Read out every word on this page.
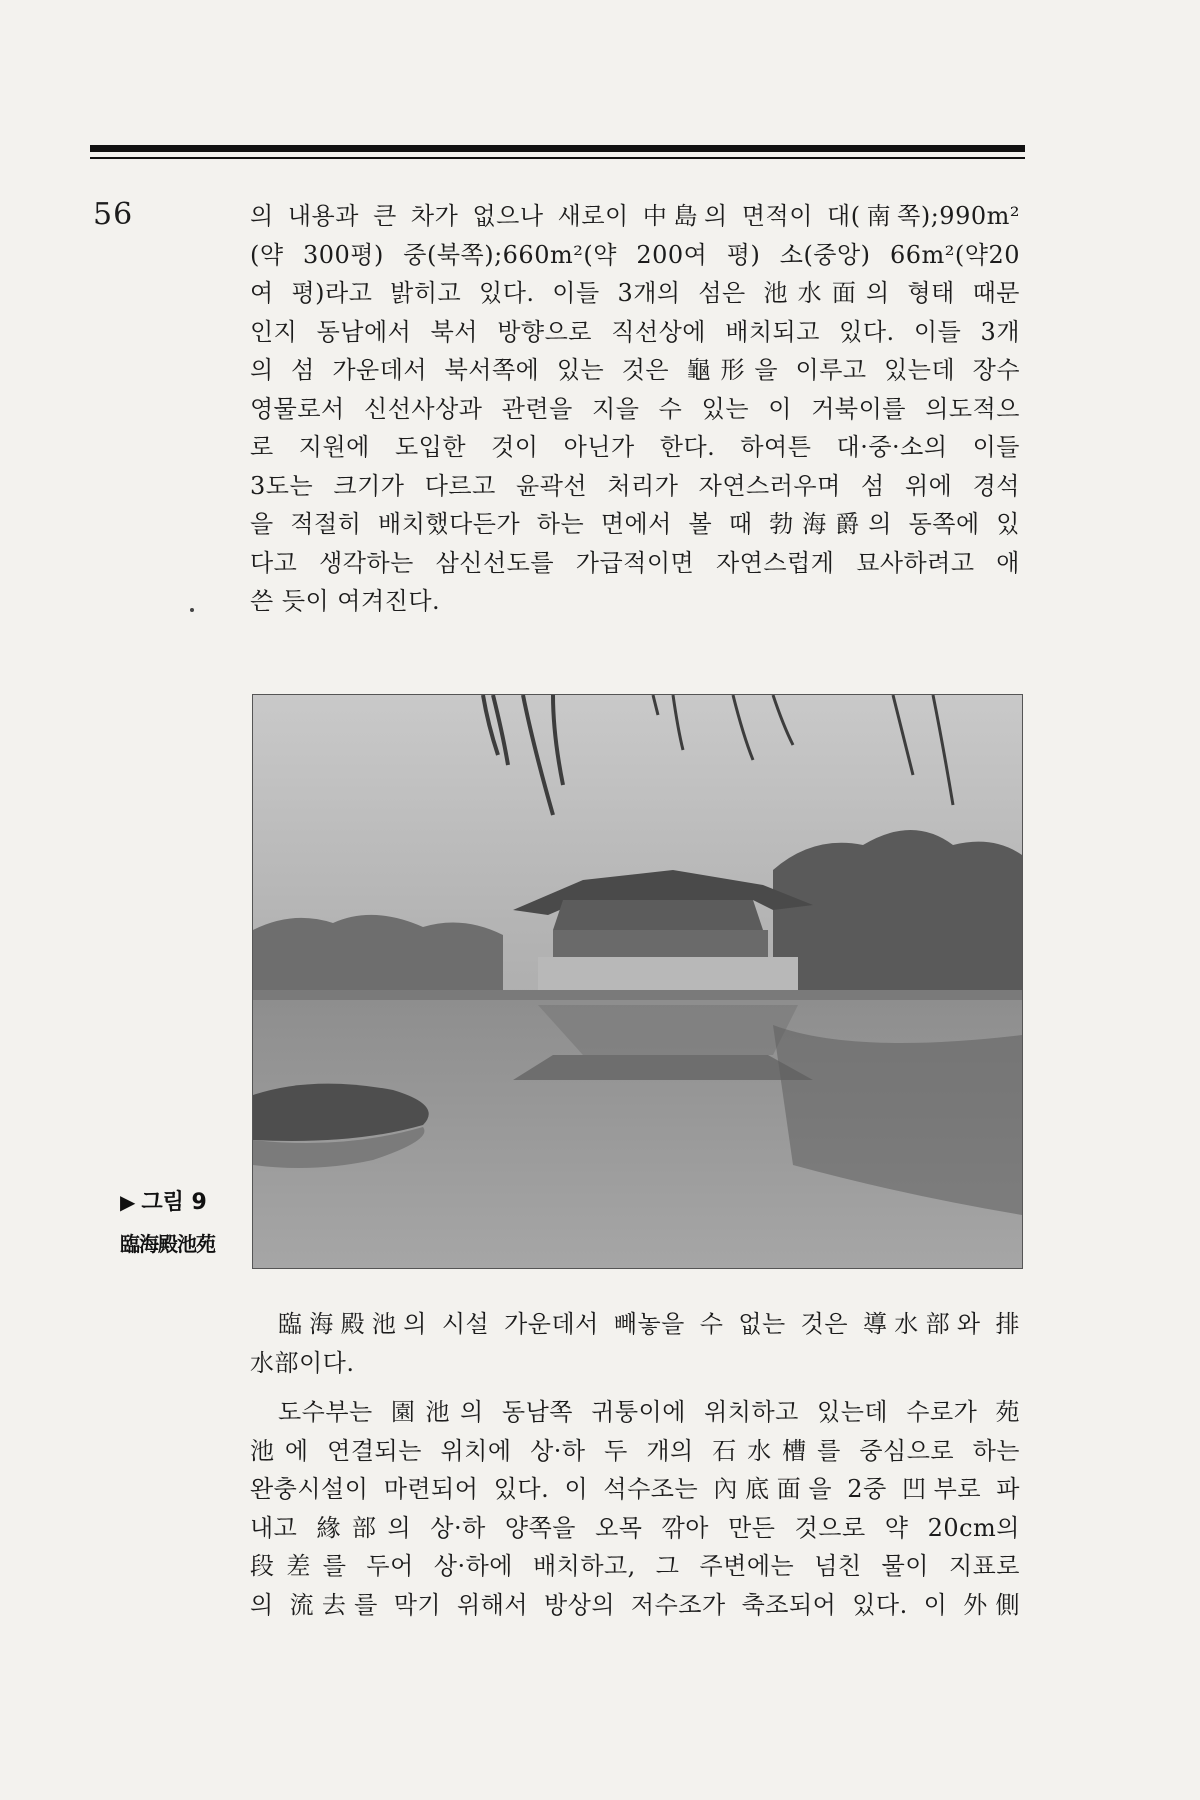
56	의 내용과 큰 차가 없으나 새로이 中島의 면적이 대(南쪽);990m²
(약 300평) 중(북쪽);660m²(약 200여 평) 소(중앙) 66m²(약20
여 평)라고 밝히고 있다. 이들 3개의 섬은 池水面의 형태 때문
인지 동남에서 북서 방향으로 직선상에 배치되고 있다. 이들 3개
의 섬 가운데서 북서쪽에 있는 것은 龜形을 이루고 있는데 장수
영물로서 신선사상과 관련을 지을 수 있는 이 거북이를 의도적으
로 지원에 도입한 것이 아닌가 한다. 하여튼 대·중·소의 이들
3도는 크기가 다르고 윤곽선 처리가 자연스러우며 섬 위에 경석
을 적절히 배치했다든가 하는 면에서 볼 때 勃海爵의 동쪽에 있
다고 생각하는 삼신선도를 가급적이면 자연스럽게 묘사하려고 애
쓴 듯이 여겨진다.
▶ 그림 9
臨海殿池苑
臨海殿池의 시설 가운데서 빼놓을 수 없는 것은 導水部와 排
水部이다.
도수부는 園池의 동남쪽 귀퉁이에 위치하고 있는데 수로가 苑
池에 연결되는 위치에 상·하 두 개의 石水槽를 중심으로 하는
완충시설이 마련되어 있다. 이 석수조는 內底面을 2중 凹부로 파
내고 緣部의 상·하 양쪽을 오목 깎아 만든 것으로 약 20cm의
段差를 두어 상·하에 배치하고, 그 주변에는 넘친 물이 지표로
의 流去를 막기 위해서 방상의 저수조가 축조되어 있다. 이 外側
